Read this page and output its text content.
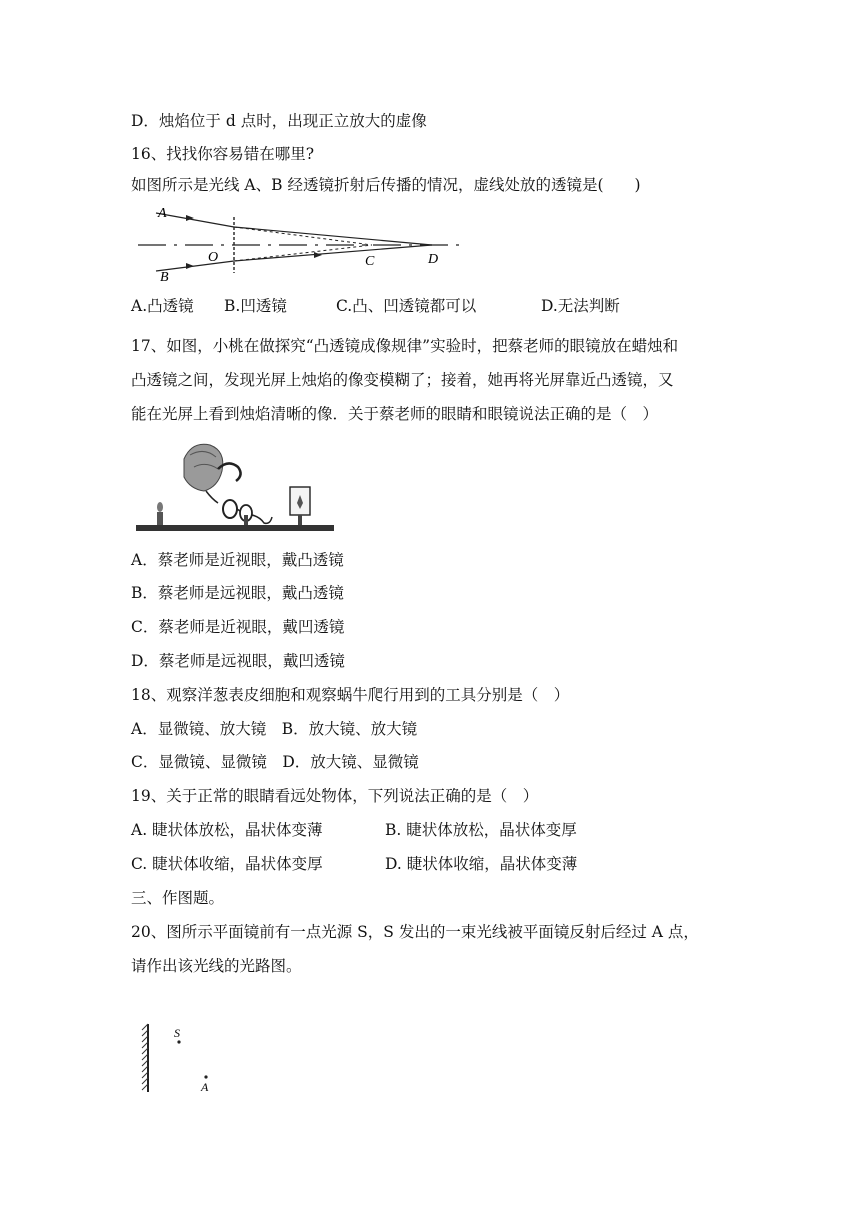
D．烛焰位于 d 点时，出现正立放大的虚像
16、找找你容易错在哪里?
如图所示是光线 A、B 经透镜折射后传播的情况，虚线处放的透镜是(　　)
A
B
O	C	D
A.凸透镜 B.凹透镜	C.凸、凹透镜都可以	D.无法判断
17、如图，小桃在做探究“凸透镜成像规律”实验时，把蔡老师的眼镜放在蜡烛和
凸透镜之间，发现光屏上烛焰的像变模糊了；接着，她再将光屏靠近凸透镜，又
能在光屏上看到烛焰清晰的像．关于蔡老师的眼睛和眼镜说法正确的是（　）
A．蔡老师是近视眼，戴凸透镜
B．蔡老师是远视眼，戴凸透镜
C．蔡老师是近视眼，戴凹透镜
D．蔡老师是远视眼，戴凹透镜
18、观察洋葱表皮细胞和观察蜗牛爬行用到的工具分别是（　）
A．显微镜、放大镜　B．放大镜、放大镜
C．显微镜、显微镜　D．放大镜、显微镜
19、关于正常的眼睛看远处物体，下列说法正确的是（　）
A. 睫状体放松，晶状体变薄	B. 睫状体放松，晶状体变厚
C. 睫状体收缩，晶状体变厚	D. 睫状体收缩，晶状体变薄
三、作图题。
20、图所示平面镜前有一点光源 S，S 发出的一束光线被平面镜反射后经过 A 点，
请作出该光线的光路图。
S
A
